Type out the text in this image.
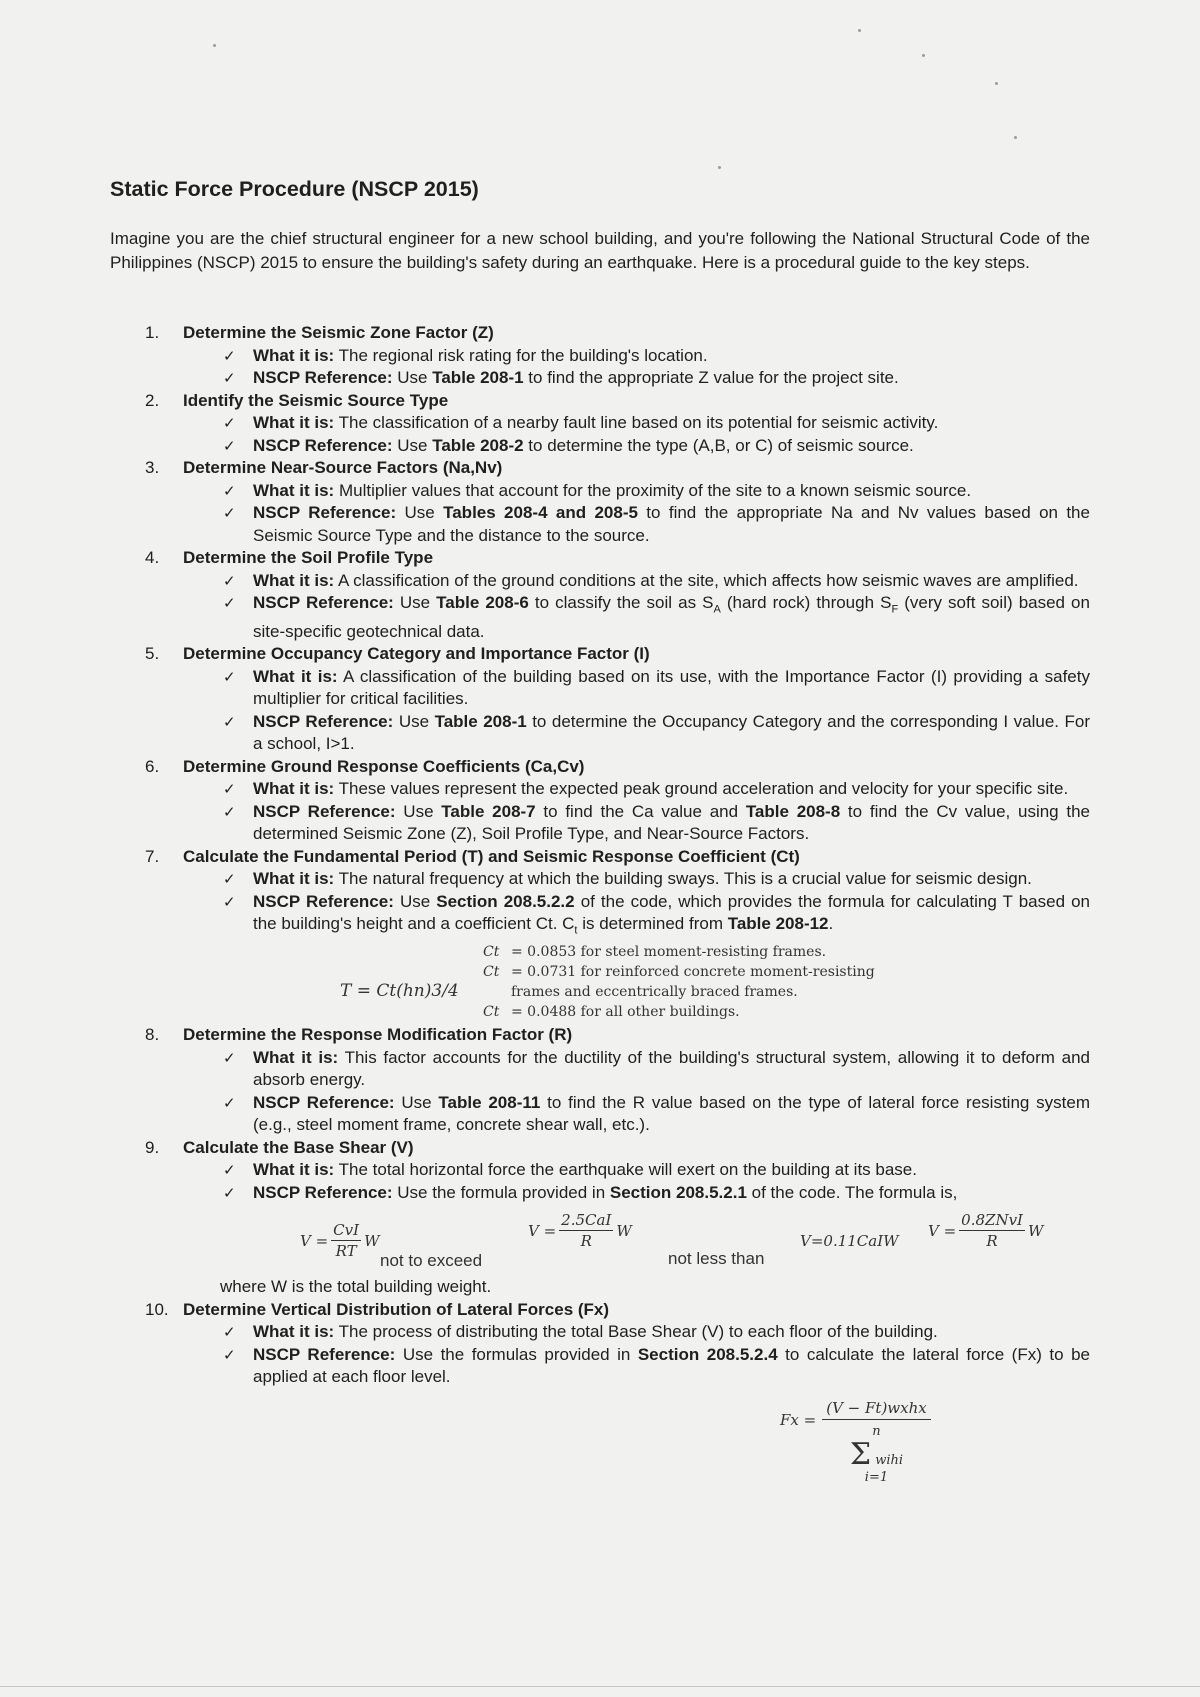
Static Force Procedure (NSCP 2015)

Imagine you are the chief structural engineer for a new school building, and you're following the National Structural Code of the Philippines (NSCP) 2015 to ensure the building's safety during an earthquake. Here is a procedural guide to the key steps.

1. Determine the Seismic Zone Factor (Z)
✓ What it is: The regional risk rating for the building's location.
✓ NSCP Reference: Use Table 208-1 to find the appropriate Z value for the project site.
2. Identify the Seismic Source Type
✓ What it is: The classification of a nearby fault line based on its potential for seismic activity.
✓ NSCP Reference: Use Table 208-2 to determine the type (A,B, or C) of seismic source.
3. Determine Near-Source Factors (Na,Nv)
✓ What it is: Multiplier values that account for the proximity of the site to a known seismic source.
✓ NSCP Reference: Use Tables 208-4 and 208-5 to find the appropriate Na and Nv values based on the Seismic Source Type and the distance to the source.
4. Determine the Soil Profile Type
✓ What it is: A classification of the ground conditions at the site, which affects how seismic waves are amplified.
✓ NSCP Reference: Use Table 208-6 to classify the soil as $S_A$ (hard rock) through $S_F$ (very soft soil) based on site-specific geotechnical data.
5. Determine Occupancy Category and Importance Factor (I)
✓ What it is: A classification of the building based on its use, with the Importance Factor (I) providing a safety multiplier for critical facilities.
✓ NSCP Reference: Use Table 208-1 to determine the Occupancy Category and the corresponding I value. For a school, I>1.
6. Determine Ground Response Coefficients (Ca,Cv)
✓ What it is: These values represent the expected peak ground acceleration and velocity for your specific site.
✓ NSCP Reference: Use Table 208-7 to find the Ca value and Table 208-8 to find the Cv value, using the determined Seismic Zone (Z), Soil Profile Type, and Near-Source Factors.
7. Calculate the Fundamental Period (T) and Seismic Response Coefficient (Ct)
✓ What it is: The natural frequency at which the building sways. This is a crucial value for seismic design.
✓ NSCP Reference: Use Section 208.5.2.2 of the code, which provides the formula for calculating T based on the building's height and a coefficient Ct. $C_t$ is determined from Table 208-12.
T = Ct(hn)3/4
Ct = 0.0853 for steel moment-resisting frames.
Ct = 0.0731 for reinforced concrete moment-resisting frames and eccentrically braced frames.
Ct = 0.0488 for all other buildings.
8. Determine the Response Modification Factor (R)
✓ What it is: This factor accounts for the ductility of the building's structural system, allowing it to deform and absorb energy.
✓ NSCP Reference: Use Table 208-11 to find the R value based on the type of lateral force resisting system (e.g., steel moment frame, concrete shear wall, etc.).
9. Calculate the Base Shear (V)
✓ What it is: The total horizontal force the earthquake will exert on the building at its base.
✓ NSCP Reference: Use the formula provided in Section 208.5.2.1 of the code. The formula is,
$V = \frac{\text{CvI}}{RT}$ W
not to exceed
$V = \frac{\text{2.5CaI}}{R}$ W
not less than
V=0.11CaIW
$V = \frac{\text{0.8ZNvI}}{R}$ W

where W is the total building weight.

10. Determine Vertical Distribution of Lateral Forces (Fx)
✓ What it is: The process of distributing the total Base Shear (V) to each floor of the building.
✓ NSCP Reference: Use the formulas provided in Section 208.5.2.4 to calculate the lateral force (Fx) to be applied at each floor level.
Fx =
(V − Ft)wxhx
n
Σ wihi
i=1
